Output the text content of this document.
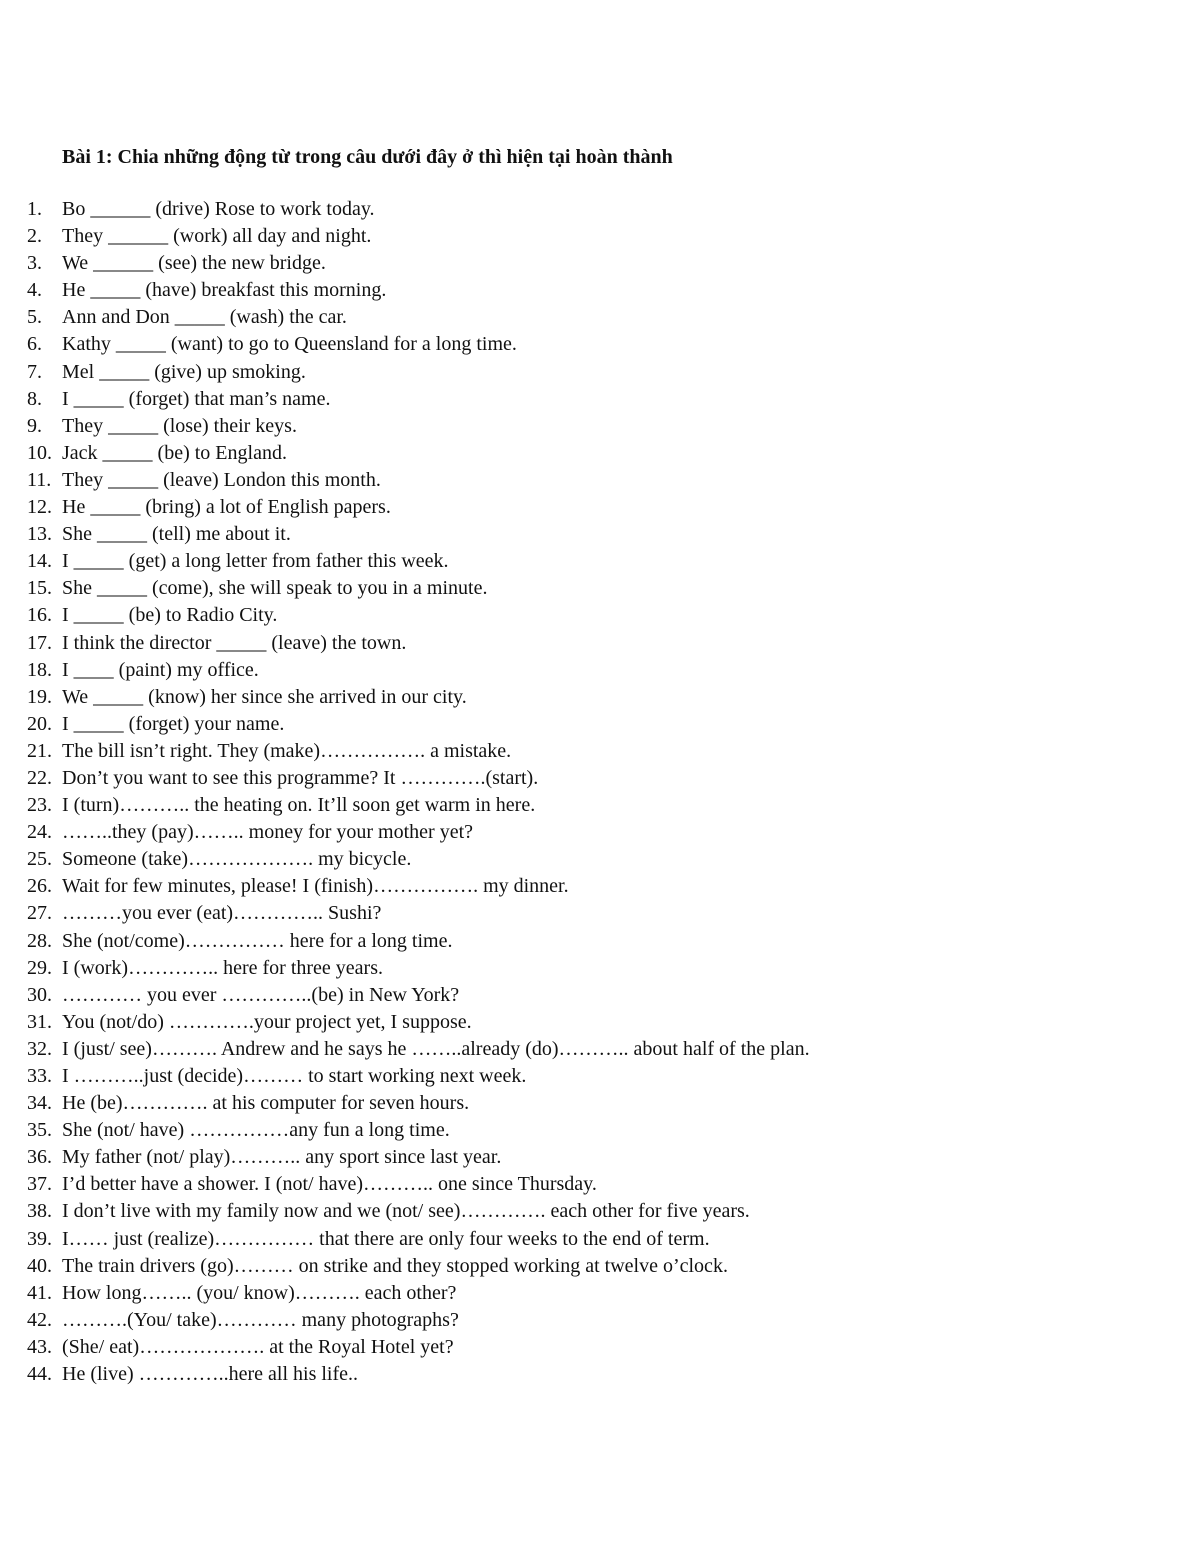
Bài 1: Chia những động từ trong câu dưới đây ở thì hiện tại hoàn thành
1.	Bo ______ (drive) Rose to work today.
2.	They ______ (work) all day and night.
3.	We ______ (see) the new bridge.
4.	He _____ (have) breakfast this morning.
5.	Ann and Don _____ (wash) the car.
6.	Kathy _____ (want) to go to Queensland for a long time.
7.	Mel _____ (give) up smoking.
8.	I _____ (forget) that man’s name.
9.	They _____ (lose) their keys.
10. Jack _____ (be) to England.
11. They _____ (leave) London this month.
12. He _____ (bring) a lot of English papers.
13. She _____ (tell) me about it.
14. I _____ (get) a long letter from father this week.
15. She _____ (come), she will speak to you in a minute.
16. I _____ (be) to Radio City.
17. I think the director _____ (leave) the town.
18. I ____ (paint) my office.
19. We _____ (know) her since she arrived in our city.
20. I _____ (forget) your name.
21. The bill isn’t right. They (make)……………. a mistake.
22. Don’t you want to see this programme? It ………….(start).
23. I (turn)……….. the heating on. It’ll soon get warm in here.
24. ……..they (pay)…….. money for your mother yet?
25. Someone (take)………………. my bicycle.
26. Wait for few minutes, please! I (finish)……………. my dinner.
27. ………you ever (eat)………….. Sushi?
28. She (not/come)…………… here for a long time.
29. I (work)………….. here for three years.
30. ………… you ever …………..(be) in New York?
31. You (not/do) ………….your project yet, I suppose.
32. I (just/ see)………. Andrew and he says he ……..already (do)……….. about half of the plan.
33. I ………..just (decide)……… to start working next week.
34. He (be)…………. at his computer for seven hours.
35. She (not/ have) ……………any fun a long time.
36. My father (not/ play)……….. any sport since last year.
37. I’d better have a shower. I (not/ have)……….. one since Thursday.
38. I don’t live with my family now and we (not/ see)…………. each other for five years.
39. I…… just (realize)…………… that there are only four weeks to the end of term.
40. The train drivers (go)……… on strike and they stopped working at twelve o’clock.
41. How long…….. (you/ know)………. each other?
42. ……….(You/ take)………… many photographs?
43. (She/ eat)………………. at the Royal Hotel yet?
44. He (live) …………..here all his life..
